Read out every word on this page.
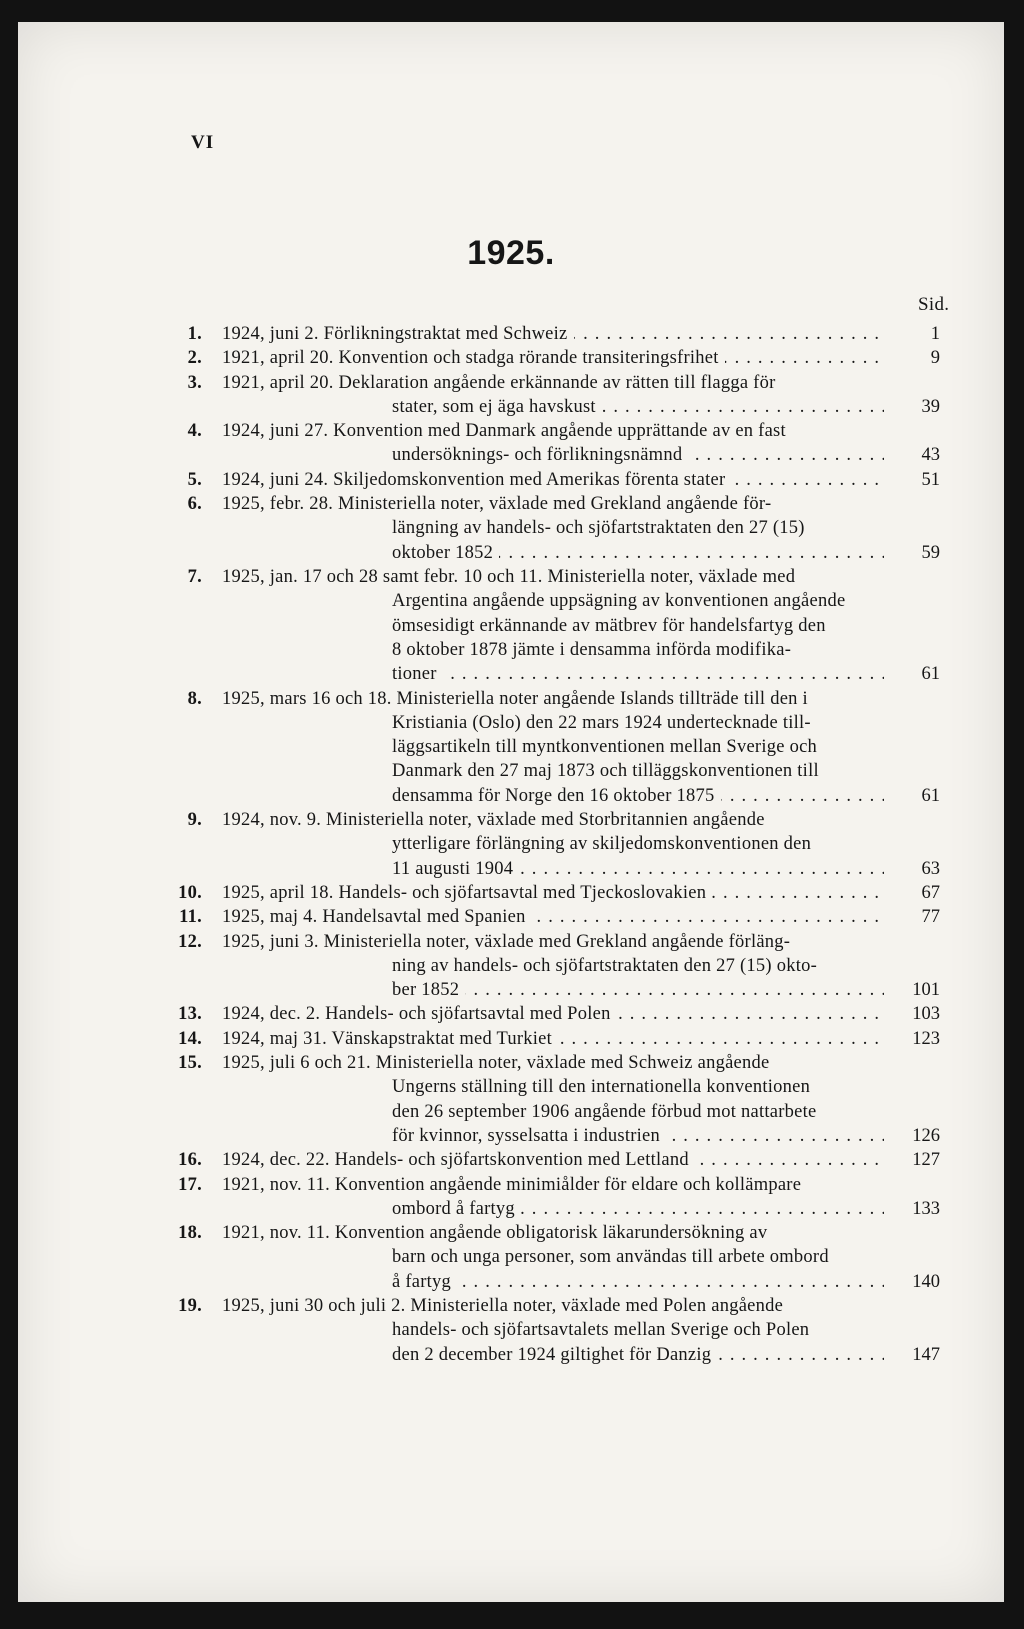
VI
1925.
Sid.
1. 1924, juni 2. Förlikningstraktat med Schweiz . . .	1
2. 1921, april 20. Konvention och stadga rörande transiteringsfrihet . . .	9
3. 1921, april 20. Deklaration angående erkännande av rätten till flagga för
stater, som ej äga havskust . . .	39
4. 1924, juni 27. Konvention med Danmark angående upprättande av en fast
undersöknings- och förlikningsnämnd . . .	43
5. 1924, juni 24. Skiljedomskonvention med Amerikas förenta stater . . .	51
6. 1925, febr. 28. Ministeriella noter, växlade med Grekland angående för-
längning av handels- och sjöfartstraktaten den 27 (15)
oktober 1852 . . .	59
7. 1925, jan. 17 och 28 samt febr. 10 och 11. Ministeriella noter, växlade med
Argentina angående uppsägning av konventionen angående
ömsesidigt erkännande av mätbrev för handelsfartyg den
8 oktober 1878 jämte i densamma införda modifika-
tioner . . .	61
8. 1925, mars 16 och 18. Ministeriella noter angående Islands tillträde till den i
Kristiania (Oslo) den 22 mars 1924 undertecknade till-
läggsartikeln till myntkonventionen mellan Sverige och
Danmark den 27 maj 1873 och tilläggskonventionen till
densamma för Norge den 16 oktober 1875 . . .	61
9. 1924, nov. 9. Ministeriella noter, växlade med Storbritannien angående
ytterligare förlängning av skiljedomskonventionen den
11 augusti 1904 . . .	63
10. 1925, april 18. Handels- och sjöfartsavtal med Tjeckoslovakien . . .	67
11. 1925, maj 4. Handelsavtal med Spanien . . .	77
12. 1925, juni 3. Ministeriella noter, växlade med Grekland angående förläng-
ning av handels- och sjöfartstraktaten den 27 (15) okto-
ber 1852 . . .	101
13. 1924, dec. 2. Handels- och sjöfartsavtal med Polen . . .	103
14. 1924, maj 31. Vänskapstraktat med Turkiet . . .	123
15. 1925, juli 6 och 21. Ministeriella noter, växlade med Schweiz angående
Ungerns ställning till den internationella konventionen
den 26 september 1906 angående förbud mot nattarbete
för kvinnor, sysselsatta i industrien . . .	126
16. 1924, dec. 22. Handels- och sjöfartskonvention med Lettland . . .	127
17. 1921, nov. 11. Konvention angående minimiålder för eldare och kollämpare
ombord å fartyg . . .	133
18. 1921, nov. 11. Konvention angående obligatorisk läkarundersökning av
barn och unga personer, som användas till arbete ombord
å fartyg . . .	140
19. 1925, juni 30 och juli 2. Ministeriella noter, växlade med Polen angående
handels- och sjöfartsavtalets mellan Sverige och Polen
den 2 december 1924 giltighet för Danzig . . .	147
